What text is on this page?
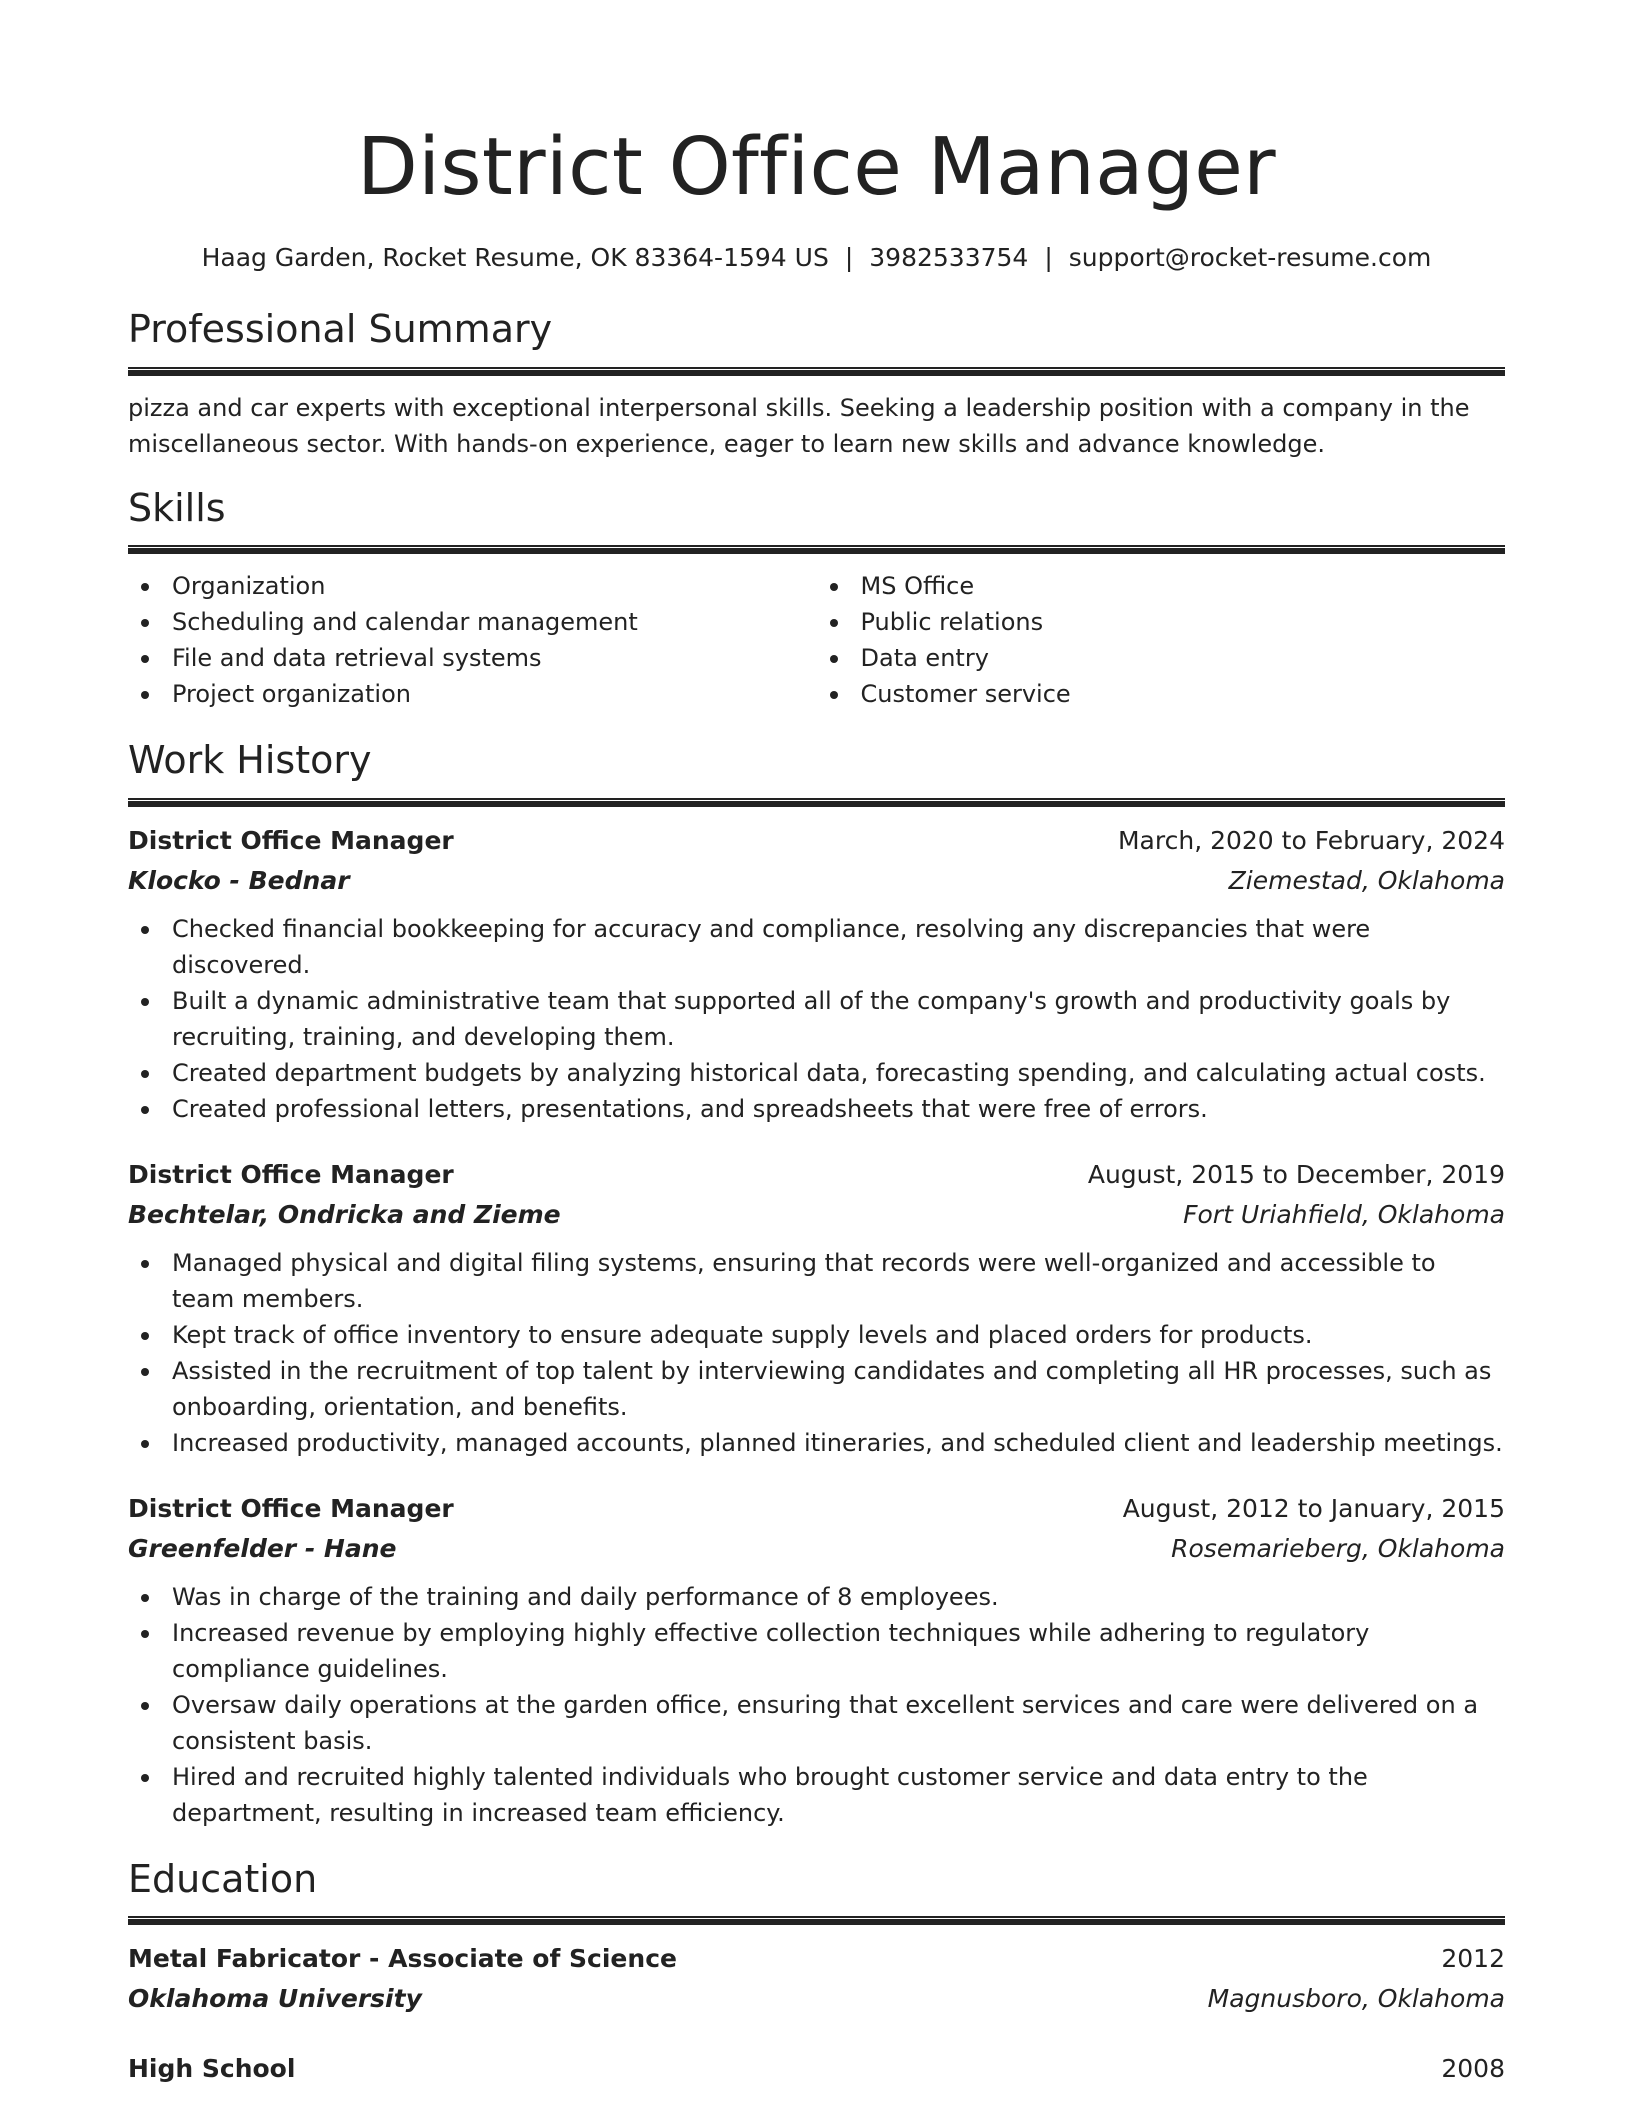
District Office Manager
Haag Garden, Rocket Resume, OK 83364-1594 US | 3982533754 | support@rocket-resume.com
Professional Summary

pizza and car experts with exceptional interpersonal skills. Seeking a leadership position with a company in the miscellaneous sector. With hands-on experience, eager to learn new skills and advance knowledge.

Skills
Organization
Scheduling and calendar management
File and data retrieval systems
Project organization
MS Office
Public relations
Data entry
Customer service
Work History
District Office Manager	March, 2020 to February, 2024
Klocko - Bednar	Ziemestad, Oklahoma
Checked financial bookkeeping for accuracy and compliance, resolving any discrepancies that were discovered.
Built a dynamic administrative team that supported all of the company's growth and productivity goals by recruiting, training, and developing them.
Created department budgets by analyzing historical data, forecasting spending, and calculating actual costs.
Created professional letters, presentations, and spreadsheets that were free of errors.
District Office Manager	August, 2015 to December, 2019
Bechtelar, Ondricka and Zieme	Fort Uriahfield, Oklahoma
Managed physical and digital filing systems, ensuring that records were well-organized and accessible to team members.
Kept track of office inventory to ensure adequate supply levels and placed orders for products.
Assisted in the recruitment of top talent by interviewing candidates and completing all HR processes, such as onboarding, orientation, and benefits.
Increased productivity, managed accounts, planned itineraries, and scheduled client and leadership meetings.
District Office Manager	August, 2012 to January, 2015
Greenfelder - Hane	Rosemarieberg, Oklahoma
Was in charge of the training and daily performance of 8 employees.
Increased revenue by employing highly effective collection techniques while adhering to regulatory compliance guidelines.
Oversaw daily operations at the garden office, ensuring that excellent services and care were delivered on a consistent basis.
Hired and recruited highly talented individuals who brought customer service and data entry to the department, resulting in increased team efficiency.
Education
Metal Fabricator - Associate of Science	2012
Oklahoma University	Magnusboro, Oklahoma
High School	2008
